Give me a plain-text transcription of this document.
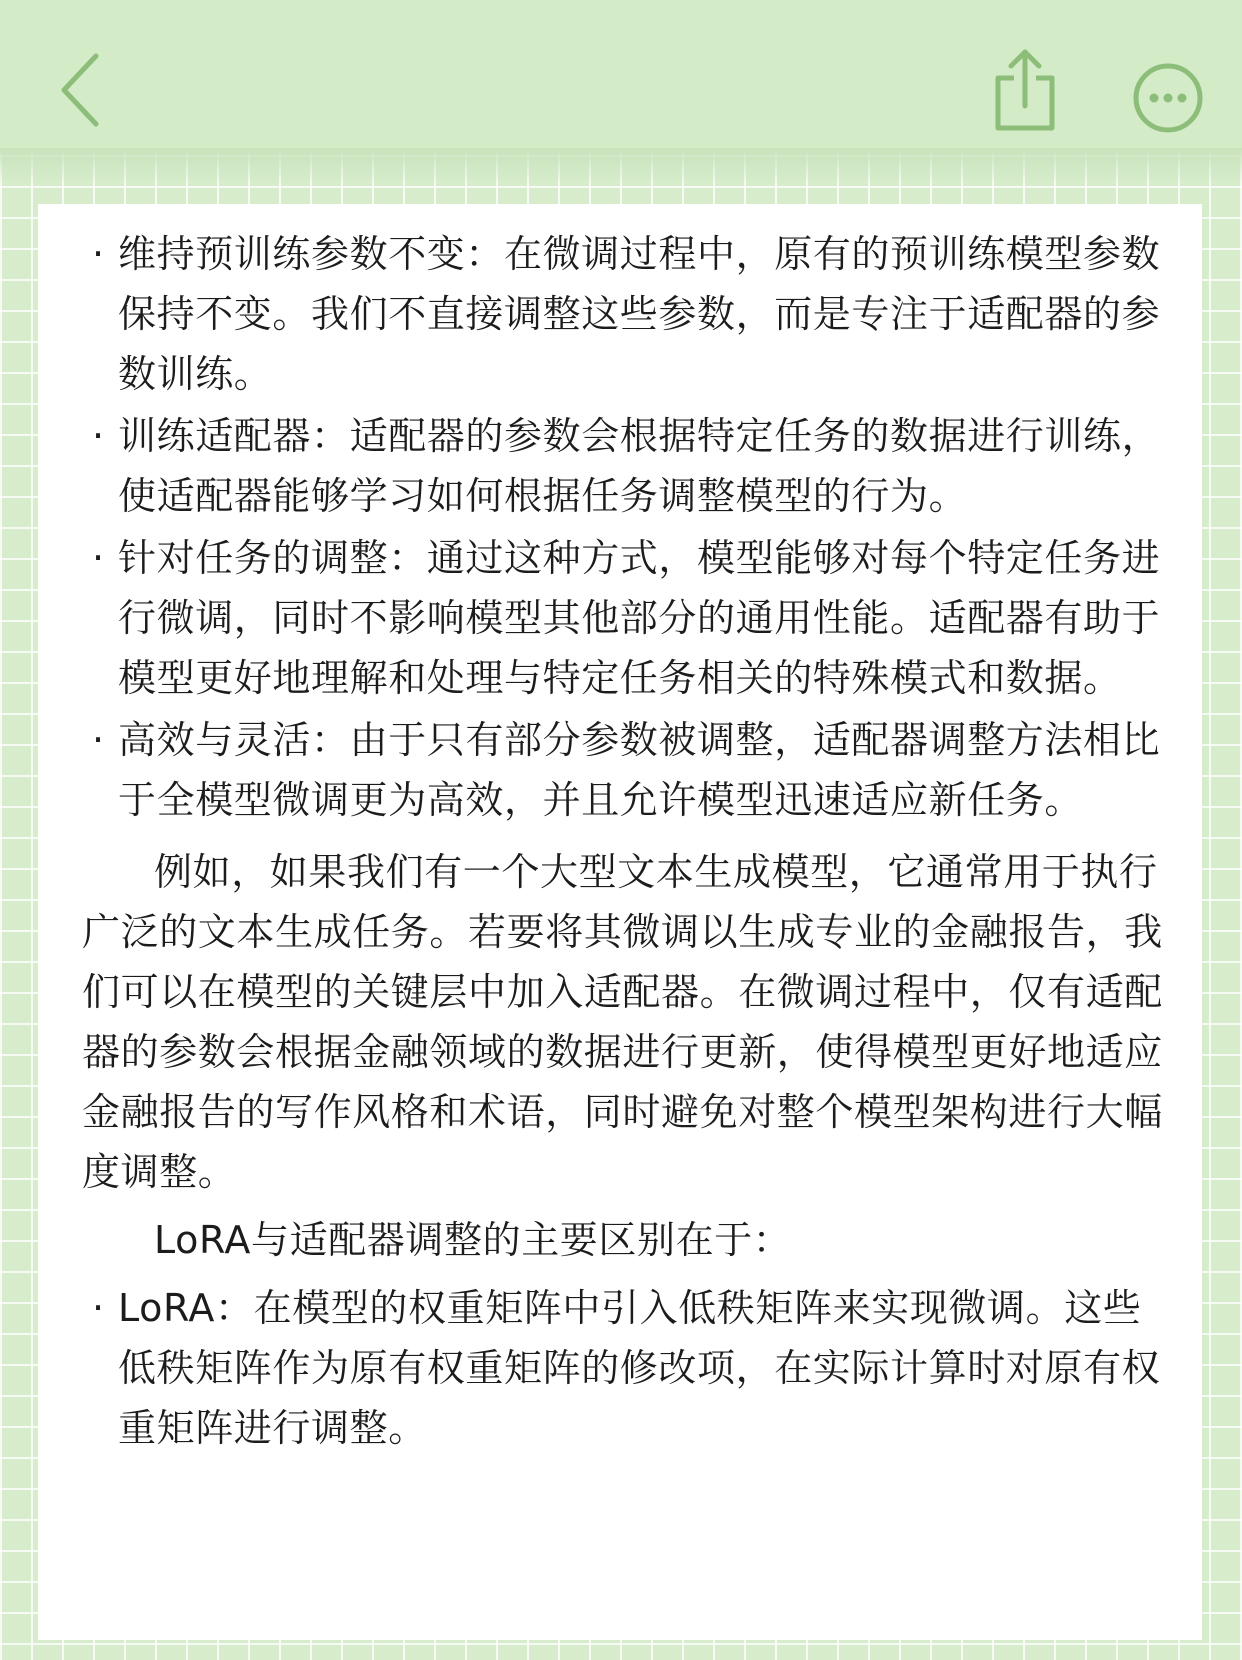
· 维持预训练参数不变：在微调过程中，原有的预训练模型参数保持不变。我们不直接调整这些参数，而是专注于适配器的参数训练。
· 训练适配器：适配器的参数会根据特定任务的数据进行训练，使适配器能够学习如何根据任务调整模型的行为。
· 针对任务的调整：通过这种方式，模型能够对每个特定任务进行微调，同时不影响模型其他部分的通用性能。适配器有助于模型更好地理解和处理与特定任务相关的特殊模式和数据。
· 高效与灵活：由于只有部分参数被调整，适配器调整方法相比于全模型微调更为高效，并且允许模型迅速适应新任务。

例如，如果我们有一个大型文本生成模型，它通常用于执行广泛的文本生成任务。若要将其微调以生成专业的金融报告，我们可以在模型的关键层中加入适配器。在微调过程中，仅有适配器的参数会根据金融领域的数据进行更新，使得模型更好地适应金融报告的写作风格和术语，同时避免对整个模型架构进行大幅度调整。

LoRA与适配器调整的主要区别在于：

· LoRA：在模型的权重矩阵中引入低秩矩阵来实现微调。这些低秩矩阵作为原有权重矩阵的修改项，在实际计算时对原有权重矩阵进行调整。
